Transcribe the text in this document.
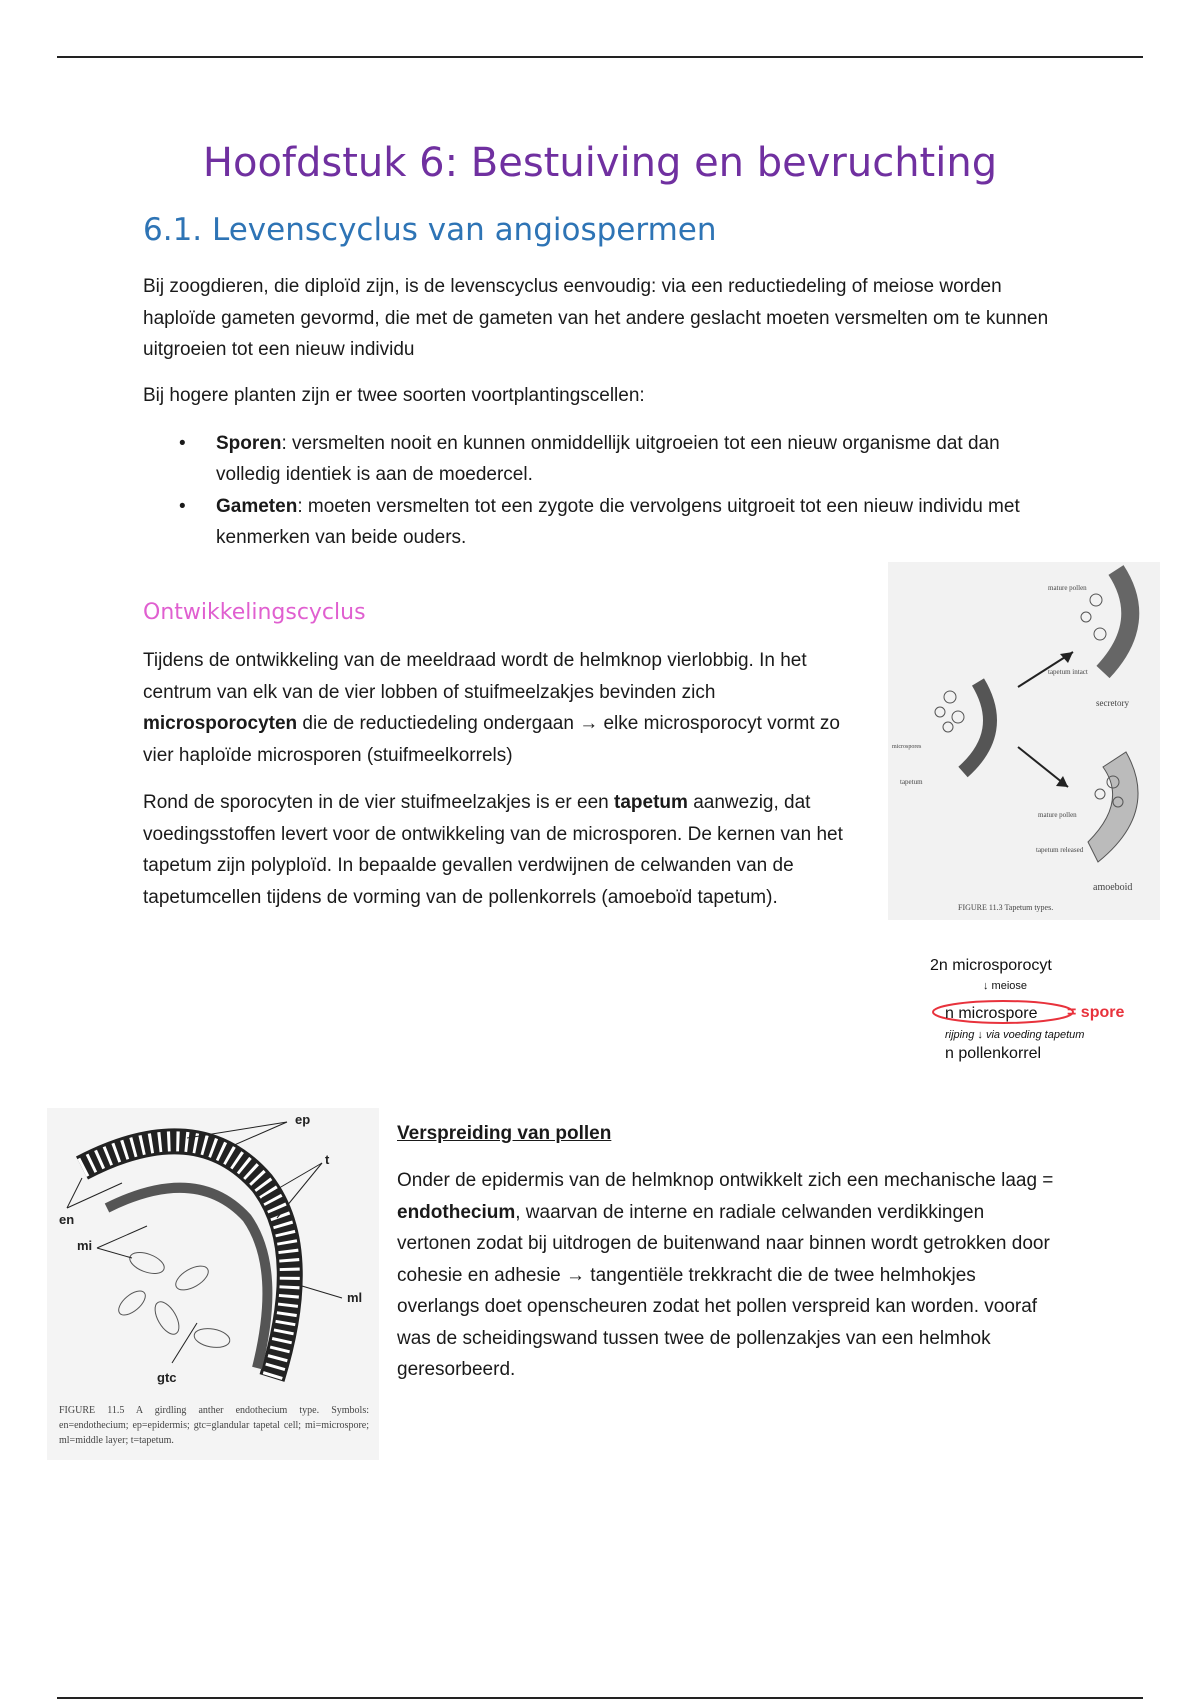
Hoofdstuk 6: Bestuiving en bevruchting
6.1. Levenscyclus van angiospermen
Bij zoogdieren, die diploïd zijn, is de levenscyclus eenvoudig: via een reductiedeling of meiose worden haploïde gameten gevormd, die met de gameten van het andere geslacht moeten versmelten om te kunnen uitgroeien tot een nieuw individu
Bij hogere planten zijn er twee soorten voortplantingscellen:
• Sporen: versmelten nooit en kunnen onmiddellijk uitgroeien tot een nieuw organisme dat dan volledig identiek is aan de moedercel.
• Gameten: moeten versmelten tot een zygote die vervolgens uitgroeit tot een nieuw individu met kenmerken van beide ouders.
Ontwikkelingscyclus
Tijdens de ontwikkeling van de meeldraad wordt de helmknop vierlobbig. In het centrum van elk van de vier lobben of stuifmeelzakjes bevinden zich microsporocyten die de reductiedeling ondergaan → elke microsporocyt vormt zo vier haploïde microsporen (stuifmeelkorrels)
Rond de sporocyten in de vier stuifmeelzakjes is er een tapetum aanwezig, dat voedingsstoffen levert voor de ontwikkeling van de microsporen. De kernen van het tapetum zijn polyploïd. In bepaalde gevallen verdwijnen de celwanden van de tapetumcellen tijdens de vorming van de pollenkorrels (amoeboïd tapetum).
mature pollen
tapetum intact
secretory
microspores
tapetum
mature pollen
tapetum released
amoeboid
FIGURE 11.3 Tapetum types.
2n microsporocyt
↓ meiose
n microspore = spore
rijping ↓ via voeding tapetum
n pollenkorrel
ep
t
en
mi
ml
gtc
FIGURE 11.5 A girdling anther endothecium type. Symbols: en=endothecium; ep=epidermis; gtc=glandular tapetal cell; mi=microspore; ml=middle layer; t=tapetum.
Verspreiding van pollen
Onder de epidermis van de helmknop ontwikkelt zich een mechanische laag = endothecium, waarvan de interne en radiale celwanden verdikkingen vertonen zodat bij uitdrogen de buitenwand naar binnen wordt getrokken door cohesie en adhesie → tangentiële trekkracht die de twee helmhokjes overlangs doet openscheuren zodat het pollen verspreid kan worden. vooraf was de scheidingswand tussen twee de pollenzakjes van een helmhok geresorbeerd.
